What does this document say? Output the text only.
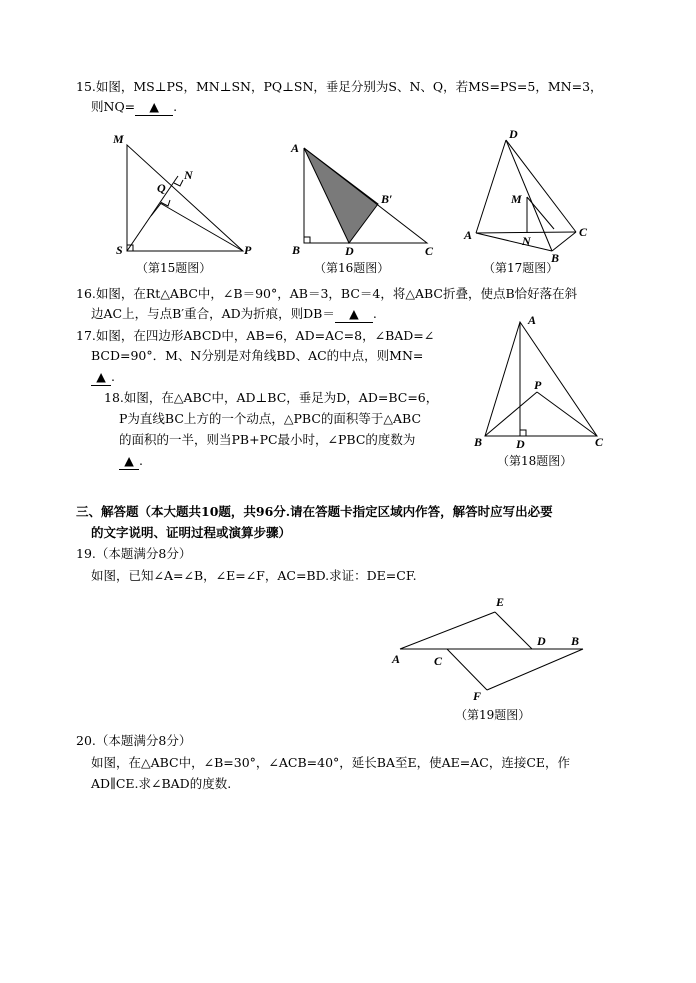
15.如图，MS⊥PS，MN⊥SN，PQ⊥SN，垂足分别为S、N、Q，若MS=PS=5，MN=3，
则NQ= ▲ .
M
N
Q
S	P
（第15题图）
A
B′
B	D	C
（第16题图）
D
M
A	N
C
B
（第17题图）
16.如图，在Rt△ABC中，∠B＝90°，AB＝3，BC＝4，将△ABC折叠，使点B恰好落在斜
边AC上，与点B′重合，AD为折痕，则DB＝ ▲ .
17.如图，在四边形ABCD中，AB=6，AD=AC=8，∠BAD=∠
BCD=90°．M、N分别是对角线BD、AC的中点，则MN=
▲ .
18.如图，在△ABC中，AD⊥BC，垂足为D，AD=BC=6，
P为直线BC上方的一个动点，△PBC的面积等于△ABC
的面积的一半，则当PB+PC最小时，∠PBC的度数为
▲ .
A
P
B	D	C
（第18题图）
三、解答题（本大题共10题，共96分.请在答题卡指定区域内作答，解答时应写出必要
的文字说明、证明过程或演算步骤）
19.（本题满分8分）
如图，已知∠A=∠B，∠E=∠F，AC=BD.求证：DE=CF.
E
D B
A	C
F
（第19题图）
20.（本题满分8分）
如图，在△ABC中，∠B=30°，∠ACB=40°，延长BA至E，使AE=AC，连接CE，作
AD∥CE.求∠BAD的度数.
